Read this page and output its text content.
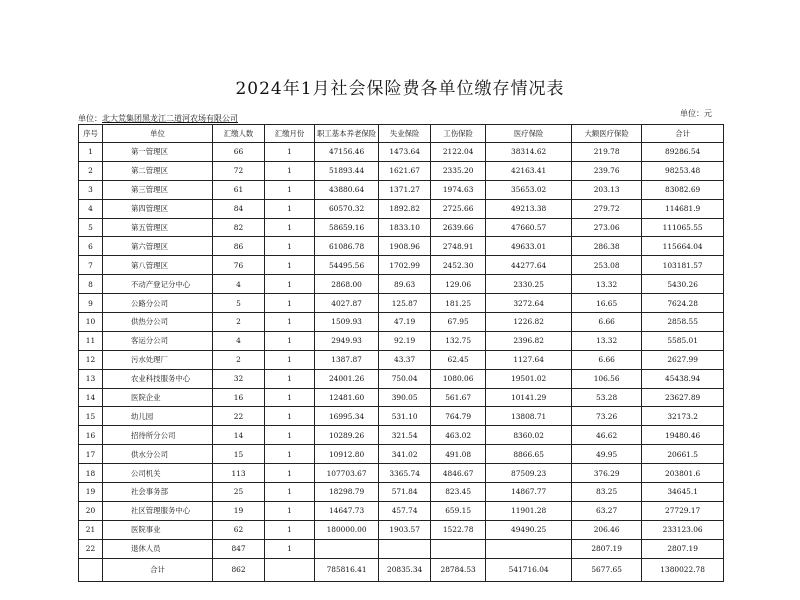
2024年1月社会保险费各单位缴存情况表
单位：北大荒集团黑龙江二道河农场有限公司
单位：元
序号	单位	汇缴人数	汇缴月份	职工基本养老保险	失业保险	工伤保险	医疗保险	大额医疗保险	合计
1	第一管理区	66	1	47156.46	1473.64	2122.04	38314.62	219.78	89286.54
2	第二管理区	72	1	51893.44	1621.67	2335.20	42163.41	239.76	98253.48
3	第三管理区	61	1	43880.64	1371.27	1974.63	35653.02	203.13	83082.69
4	第四管理区	84	1	60570.32	1892.82	2725.66	49213.38	279.72	114681.9
5	第五管理区	82	1	58659.16	1833.10	2639.66	47660.57	273.06	111065.55
6	第六管理区	86	1	61086.78	1908.96	2748.91	49633.01	286.38	115664.04
7	第八管理区	76	1	54495.56	1702.99	2452.30	44277.64	253.08	103181.57
8	不动产登记分中心	4	1	2868.00	89.63	129.06	2330.25	13.32	5430.26
9	公路分公司	5	1	4027.87	125.87	181.25	3272.64	16.65	7624.28
10	供热分公司	2	1	1509.93	47.19	67.95	1226.82	6.66	2858.55
11	客运分公司	4	1	2949.93	92.19	132.75	2396.82	13.32	5585.01
12	污水处理厂	2	1	1387.87	43.37	62.45	1127.64	6.66	2627.99
13	农业科技服务中心	32	1	24001.26	750.04	1080.06	19501.02	106.56	45438.94
14	医院企业	16	1	12481.60	390.05	561.67	10141.29	53.28	23627.89
15	幼儿园	22	1	16995.34	531.10	764.79	13808.71	73.26	32173.2
16	招待所分公司	14	1	10289.26	321.54	463.02	8360.02	46.62	19480.46
17	供水分公司	15	1	10912.80	341.02	491.08	8866.65	49.95	20661.5
18	公司机关	113	1	107703.67	3365.74	4846.67	87509.23	376.29	203801.6
19	社会事务部	25	1	18298.79	571.84	823.45	14867.77	83.25	34645.1
20	社区管理服务中心	19	1	14647.73	457.74	659.15	11901.28	63.27	27729.17
21	医院事业	62	1	180000.00	1903.57	1522.78	49490.25	206.46	233123.06
22	退休人员	847	1					2807.19	2807.19
	合计	862		785816.41	20835.34	28784.53	541716.04	5677.65	1380022.78
